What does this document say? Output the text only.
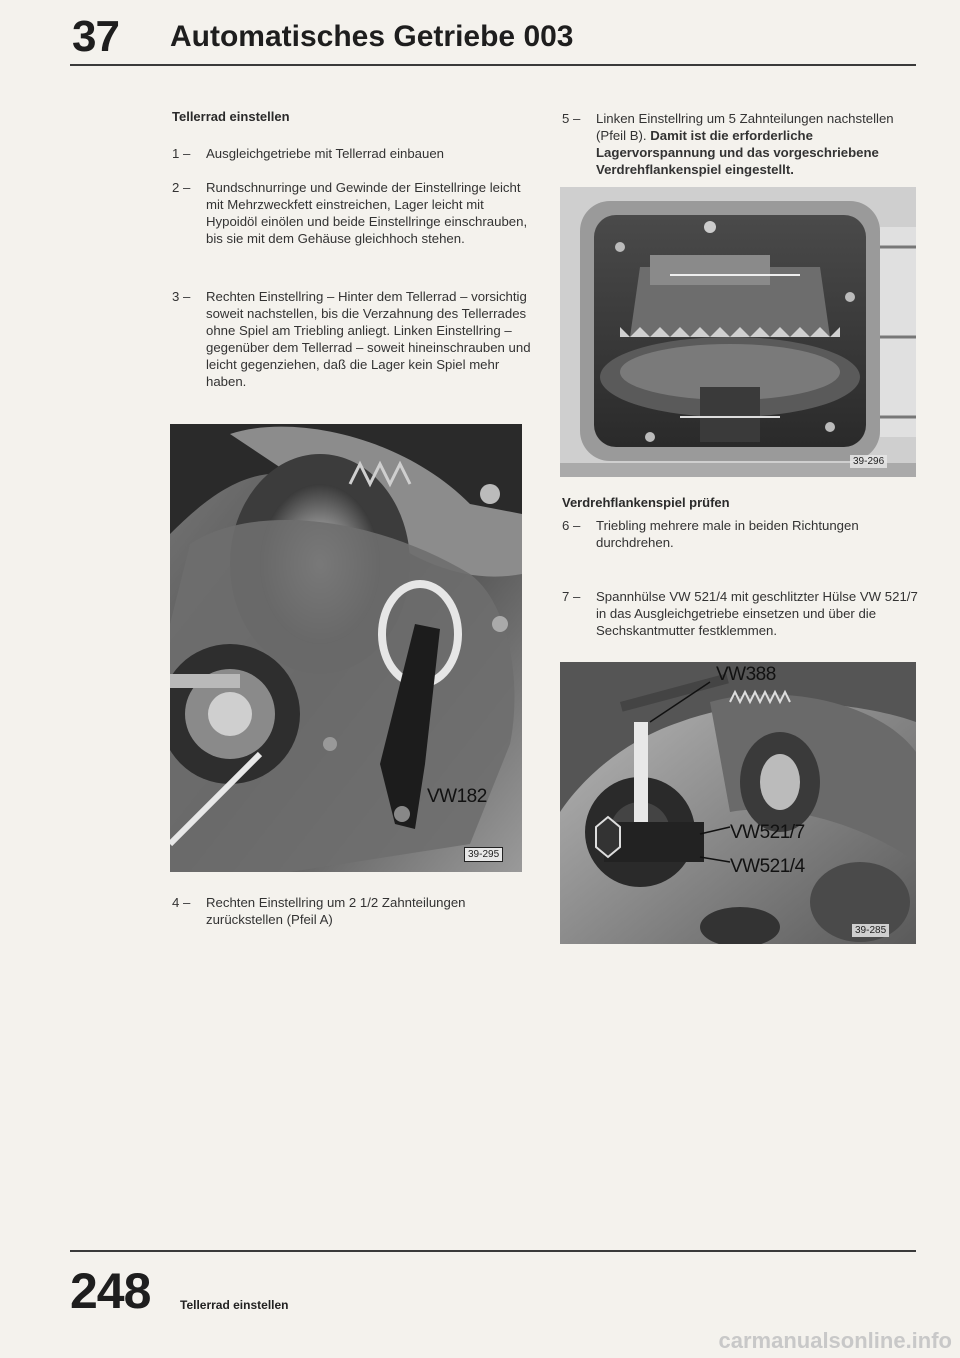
37 Automatisches Getriebe 003
Tellerrad einstellen
1 –	Ausgleichgetriebe mit Tellerrad einbauen
2 –	Rundschnurringe und Gewinde der Einstellringe leicht mit Mehrzweckfett einstreichen, Lager leicht mit Hypoidöl einölen und beide Einstellringe einschrauben, bis sie mit dem Gehäuse gleichhoch stehen.
3 –	Rechten Einstellring – Hinter dem Tellerrad – vorsichtig soweit nachstellen, bis die Verzahnung des Tellerrades ohne Spiel am Triebling anliegt. Linken Einstellring – gegenüber dem Tellerrad – soweit hineinschrauben und leicht gegenziehen, daß die Lager kein Spiel mehr haben.
VW182
39-295
4 –	Rechten Einstellring um 2 1/2 Zahnteilungen zurückstellen (Pfeil A)
5 –	Linken Einstellring um 5 Zahnteilungen nachstellen (Pfeil B). Damit ist die erforderliche Lagervorspannung und das vorgeschriebene Verdrehflankenspiel eingestellt.
39-296
Verdrehflankenspiel prüfen
6 –	Triebling mehrere male in beiden Richtungen durchdrehen.
7 –	Spannhülse VW 521/4 mit geschlitzter Hülse VW 521/7 in das Ausgleichgetriebe einsetzen und über die Sechskantmutter festklemmen.
VW388
VW521/7
VW521/4
39-285
248 Tellerrad einstellen
carmanualsonline.info
